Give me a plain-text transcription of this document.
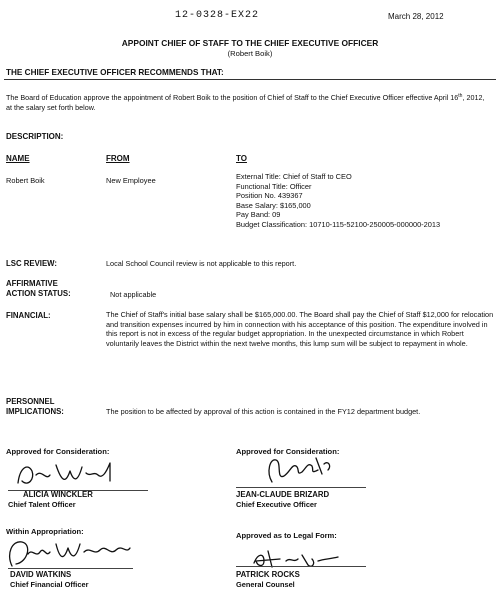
12-0328-EX22	March 28, 2012
APPOINT CHIEF OF STAFF TO THE CHIEF EXECUTIVE OFFICER
(Robert Boik)
THE CHIEF EXECUTIVE OFFICER RECOMMENDS THAT:
The Board of Education approve the appointment of Robert Boik to the position of Chief of Staff to the Chief Executive Officer effective April 16th, 2012, at the salary set forth below.
DESCRIPTION:
NAME	FROM	TO
Robert Boik	New Employee	External Title: Chief of Staff to CEO
Functional Title: Officer
Position No. 439367
Base Salary: $165,000
Pay Band: 09
Budget Classification: 10710-115-52100-250005-000000-2013
LSC REVIEW:	Local School Council review is not applicable to this report.
AFFIRMATIVE
ACTION STATUS:	Not applicable
FINANCIAL:	The Chief of Staff's initial base salary shall be $165,000.00. The Board shall pay the Chief of Staff $12,000 for relocation and transition expenses incurred by him in connection with his acceptance of this position. The expenditure involved in this report is not in excess of the regular budget appropriation. In the unexpected circumstance in which Robert voluntarily leaves the District within the next twelve months, this lump sum will be subject to repayment in whole.
PERSONNEL
IMPLICATIONS:	The position to be affected by approval of this action is contained in the FY12 department budget.
Approved for Consideration:
ALICIA WINCKLER
Chief Talent Officer
Approved for Consideration:
JEAN-CLAUDE BRIZARD
Chief Executive Officer
Within Appropriation:
DAVID WATKINS
Chief Financial Officer
Approved as to Legal Form:
PATRICK ROCKS
General Counsel
